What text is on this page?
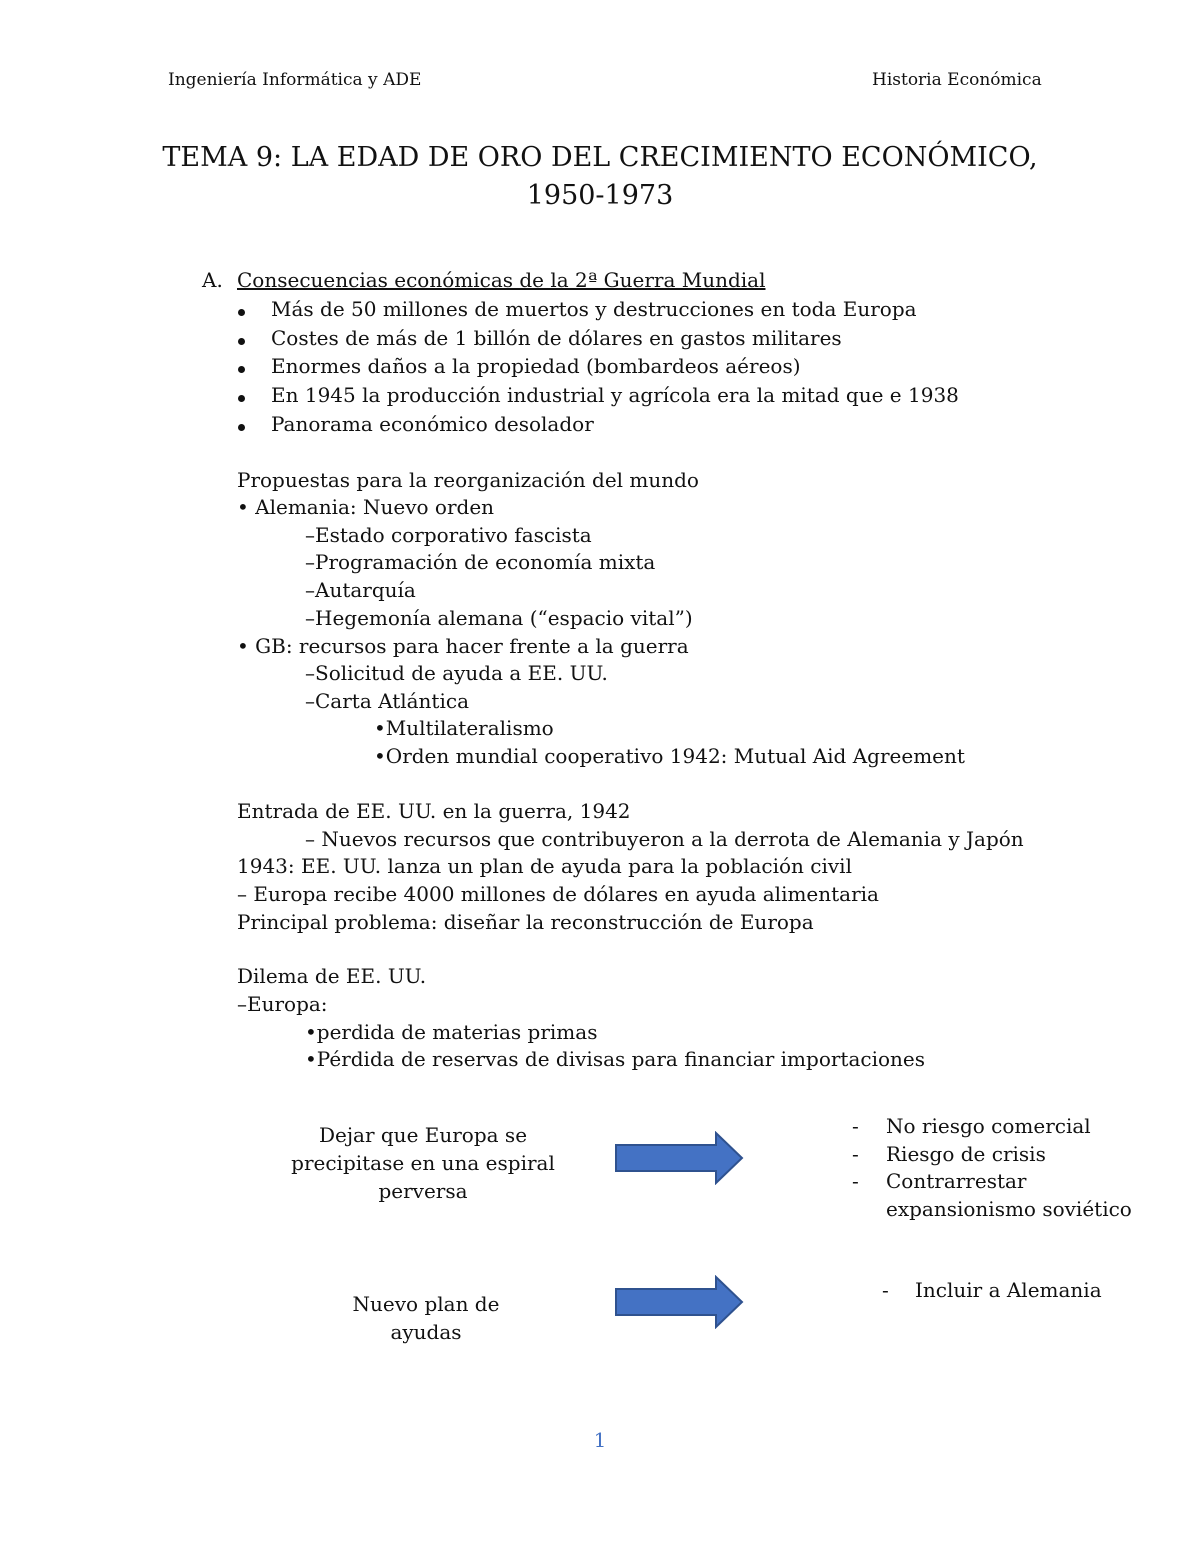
Ingeniería Informática y ADE	Historia Económica
TEMA 9: LA EDAD DE ORO DEL CRECIMIENTO ECONÓMICO,
1950-1973
A. Consecuencias económicas de la 2ª Guerra Mundial
Más de 50 millones de muertos y destrucciones en toda Europa
Costes de más de 1 billón de dólares en gastos militares
Enormes daños a la propiedad (bombardeos aéreos)
En 1945 la producción industrial y agrícola era la mitad que e 1938
Panorama económico desolador
Propuestas para la reorganización del mundo
• Alemania: Nuevo orden
–Estado corporativo fascista
–Programación de economía mixta
–Autarquía
–Hegemonía alemana (“espacio vital”)
• GB: recursos para hacer frente a la guerra
–Solicitud de ayuda a EE. UU.
–Carta Atlántica
•Multilateralismo
•Orden mundial cooperativo 1942: Mutual Aid Agreement
Entrada de EE. UU. en la guerra, 1942
– Nuevos recursos que contribuyeron a la derrota de Alemania y Japón
1943: EE. UU. lanza un plan de ayuda para la población civil
– Europa recibe 4000 millones de dólares en ayuda alimentaria
Principal problema: diseñar la reconstrucción de Europa
Dilema de EE. UU.
–Europa:
•perdida de materias primas
•Pérdida de reservas de divisas para financiar importaciones
Dejar que Europa se precipitase en una espiral perversa
- No riesgo comercial
- Riesgo de crisis
- Contrarrestar
expansionismo soviético
Nuevo plan de ayudas
- Incluir a Alemania
1
